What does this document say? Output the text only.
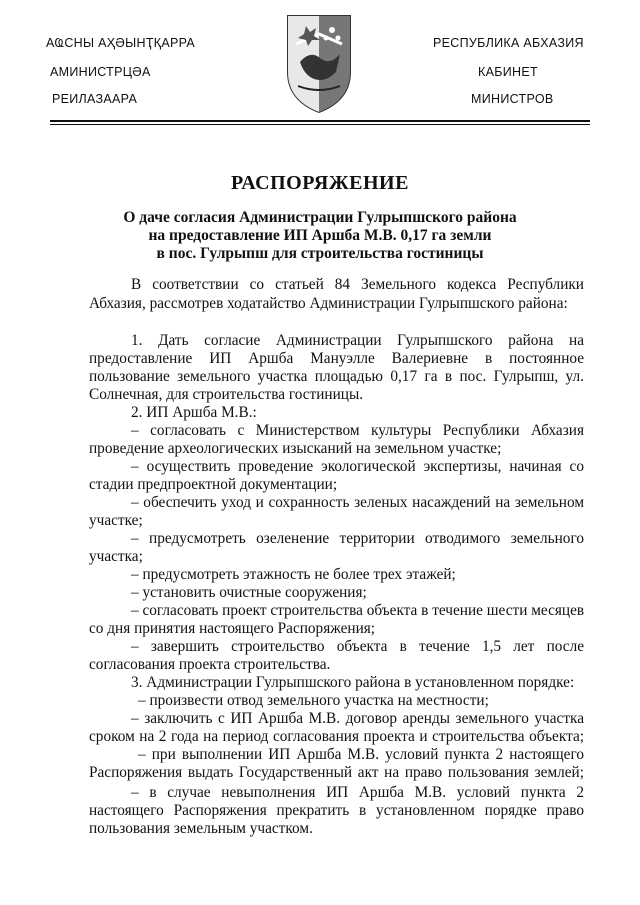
АҨСНЫ АҲƏЫНҬҚАРРА
АМИНИСТРЦƏА
РЕИЛАЗААРА
РЕСПУБЛИКА АБХАЗИЯ
КАБИНЕТ
МИНИСТРОВ
РАСПОРЯЖЕНИЕ
О даче согласия Администрации Гулрыпшского района
на предоставление ИП Аршба М.В. 0,17 га земли
в пос. Гулрыпш для строительства гостиницы
В соответствии со статьей 84 Земельного кодекса Республики
Абхазия, рассмотрев ходатайство Администрации Гулрыпшского района:
1. Дать согласие Администрации Гулрыпшского района на
предоставление ИП Аршба Мануэлле Валериевне в постоянное
пользование земельного участка площадью 0,17 га в пос. Гулрыпш, ул.
Солнечная, для строительства гостиницы.
2. ИП Аршба М.В.:
– согласовать с Министерством культуры Республики Абхазия
проведение археологических изысканий на земельном участке;
– осуществить проведение экологической экспертизы, начиная со
стадии предпроектной документации;
– обеспечить уход и сохранность зеленых насаждений на земельном
участке;
– предусмотреть озеленение территории отводимого земельного
участка;
– предусмотреть этажность не более трех этажей;
– установить очистные сооружения;
– согласовать проект строительства объекта в течение шести месяцев
со дня принятия настоящего Распоряжения;
– завершить строительство объекта в течение 1,5 лет после
согласования проекта строительства.
3. Администрации Гулрыпшского района в установленном порядке:
– произвести отвод земельного участка на местности;
– заключить с ИП Аршба М.В. договор аренды земельного участка
сроком на 2 года на период согласования проекта и строительства объекта;
– при выполнении ИП Аршба М.В. условий пункта 2 настоящего
Распоряжения выдать Государственный акт на право пользования землей;
– в случае невыполнения ИП Аршба М.В. условий пункта 2
настоящего Распоряжения прекратить в установленном порядке право
пользования земельным участком.
